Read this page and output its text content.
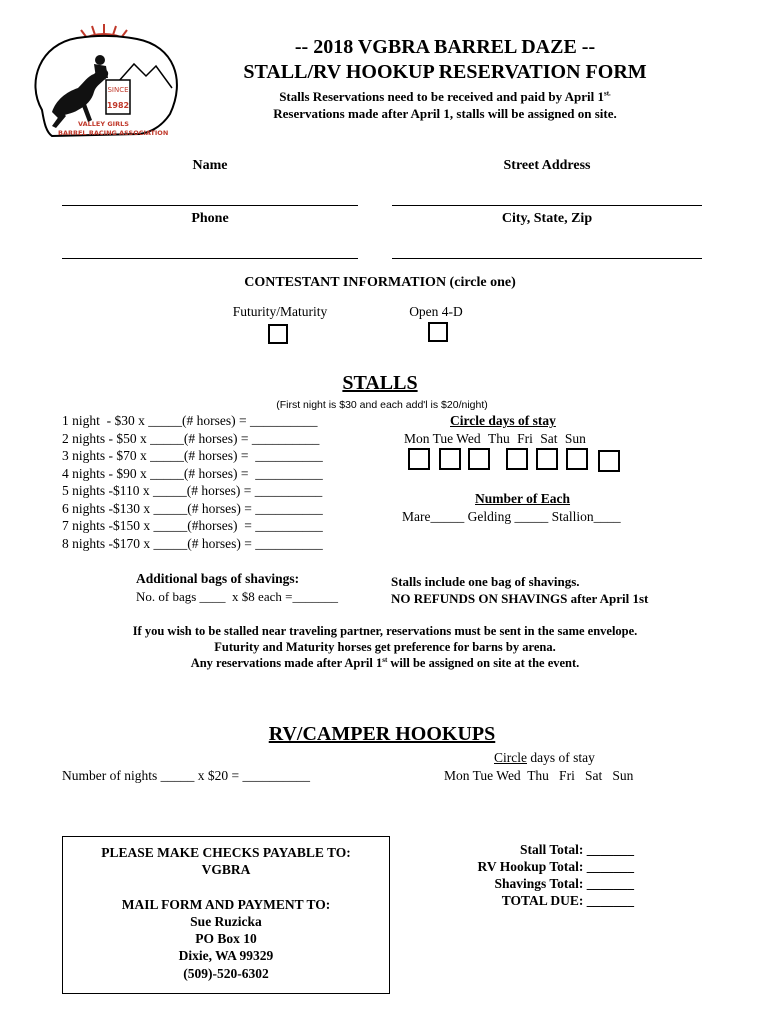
SINCE
1982
VALLEY GIRLS
BARREL RACING ASSOCIATION
-- 2018 VGBRA BARREL DAZE --
STALL/RV HOOKUP RESERVATION FORM
Stalls Reservations need to be received and paid by April $1^{st.}$
Reservations made after April 1, stalls will be assigned on site.
Name	Street Address
Phone	City, State, Zip
CONTESTANT INFORMATION (circle one)
Futurity/Maturity	Open 4-D
STALLS
(First night is $30 and each add'l is $20/night)
1 night  - $30 x _____(# horses) = __________
2 nights - $50 x _____(# horses) = __________
3 nights - $70 x _____(# horses) =  __________
4 nights - $90 x _____(# horses) =  __________
5 nights -$110 x _____(# horses) = __________
6 nights -$130 x _____(# horses) = __________
7 nights -$150 x _____(#horses)  = __________
8 nights -$170 x _____(# horses) = __________
Circle days of stay
Mon Tue Wed Thu Fri Sat Sun
Number of Each
Mare_____ Gelding _____ Stallion____
Additional bags of shavings:
No. of bags ____  x $8 each =_______
Stalls include one bag of shavings.
NO REFUNDS ON SHAVINGS after April 1st
If you wish to be stalled near traveling partner, reservations must be sent in the same envelope.
Futurity and Maturity horses get preference for barns by arena.
Any reservations made after April 1st will be assigned on site at the event.
RV/CAMPER HOOKUPS
Circle days of stay
Number of nights _____ x $20 = __________	Mon Tue Wed  Thu   Fri   Sat   Sun
PLEASE MAKE CHECKS PAYABLE TO:
VGBRA
MAIL FORM AND PAYMENT TO:
Sue Ruzicka
PO Box 10
Dixie, WA 99329
(509)-520-6302
Stall Total: _______
RV Hookup Total: _______
Shavings Total: _______
TOTAL DUE: _______
